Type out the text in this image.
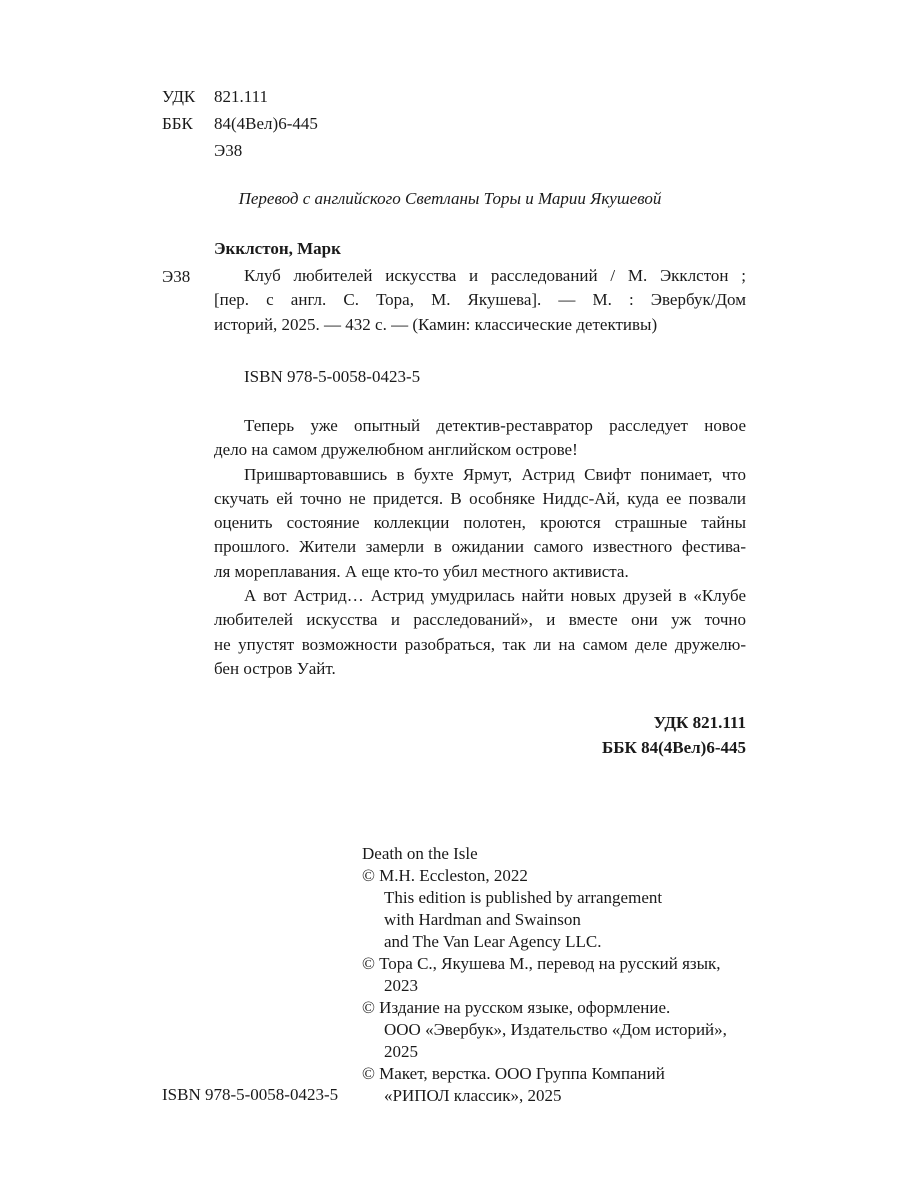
УДК 821.111
ББК 84(4Вел)6-445
Э38
Перевод с английского Светланы Торы и Марии Якушевой
Экклстон, Марк
Э38	Клуб любителей искусства и расследований / М. Экклстон ;
[пер. с англ. С. Тора, М. Якушева]. — М. : Эвербук/Дом
историй, 2025. — 432 с. — (Камин: классические детективы)
ISBN 978-5-0058-0423-5
Теперь уже опытный детектив-реставратор расследует новое
дело на самом дружелюбном английском острове!
Пришвартовавшись в бухте Ярмут, Астрид Свифт понимает, что
скучать ей точно не придется. В особняке Ниддс-Ай, куда ее позвали
оценить состояние коллекции полотен, кроются страшные тайны
прошлого. Жители замерли в ожидании самого известного фестива-
ля мореплавания. А еще кто-то убил местного активиста.
А вот Астрид… Астрид умудрилась найти новых друзей в «Клубе
любителей искусства и расследований», и вместе они уж точно
не упустят возможности разобраться, так ли на самом деле дружелю-
бен остров Уайт.
УДК 821.111
ББК 84(4Вел)6-445
Death on the Isle
© M.H. Eccleston, 2022
This edition is published by arrangement
with Hardman and Swainson
and The Van Lear Agency LLC.
© Тора С., Якушева М., перевод на русский язык,
2023
© Издание на русском языке, оформление.
ООО «Эвербук», Издательство «Дом историй»,
2025
© Макет, верстка. ООО Группа Компаний
«РИПОЛ классик», 2025
ISBN 978-5-0058-0423-5
